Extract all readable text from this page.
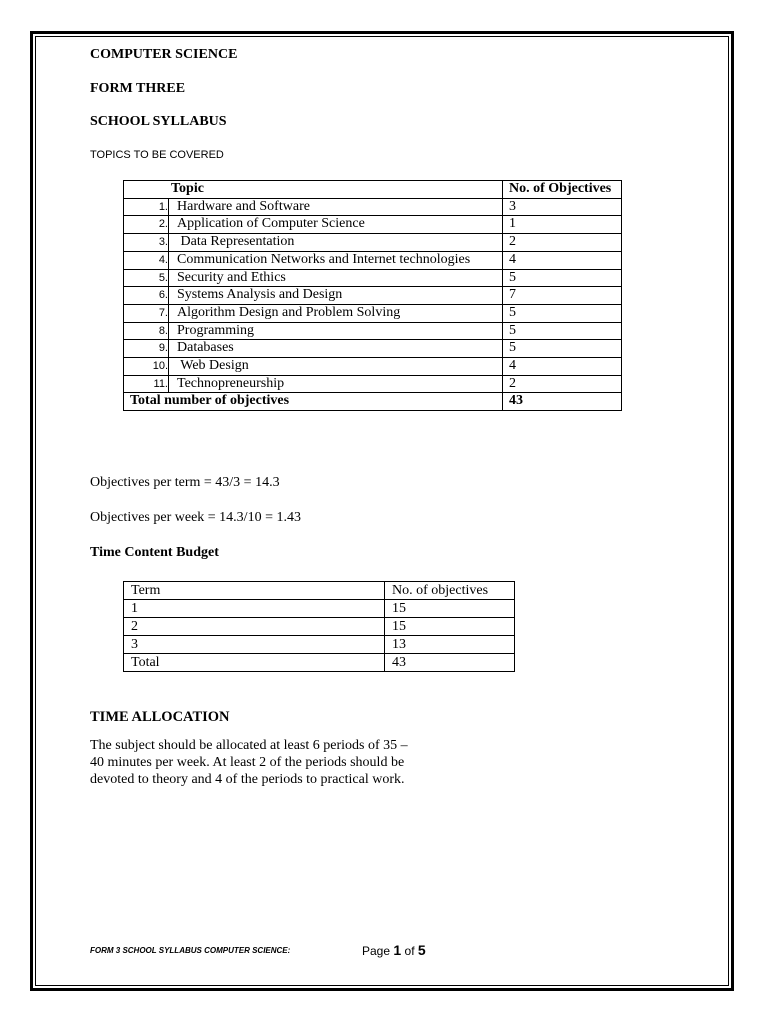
COMPUTER SCIENCE

FORM THREE

SCHOOL SYLLABUS

TOPICS TO BE COVERED

Topic		No. of Objectives
1.	Hardware and Software	3
2.	Application of Computer Science	1
3.	Data Representation	2
4.	Communication Networks and Internet technologies	4
5.	Security and Ethics	5
6.	Systems Analysis and Design	7
7.	Algorithm Design and Problem Solving	5
8.	Programming	5
9.	Databases	5
10.	Web Design	4
11.	Technopreneurship	2
Total number of objectives		43

Objectives per term = 43/3 = 14.3

Objectives per week = 14.3/10 = 1.43

Time Content Budget

Term	No. of objectives
1	15
2	15
3	13
Total	43

TIME ALLOCATION

The subject should be allocated at least 6 periods of 35 – 40 minutes per week. At least 2 of the periods should be devoted to theory and 4 of the periods to practical work.

FORM 3 SCHOOL SYLLABUS COMPUTER SCIENCE:	Page 1 of 5
